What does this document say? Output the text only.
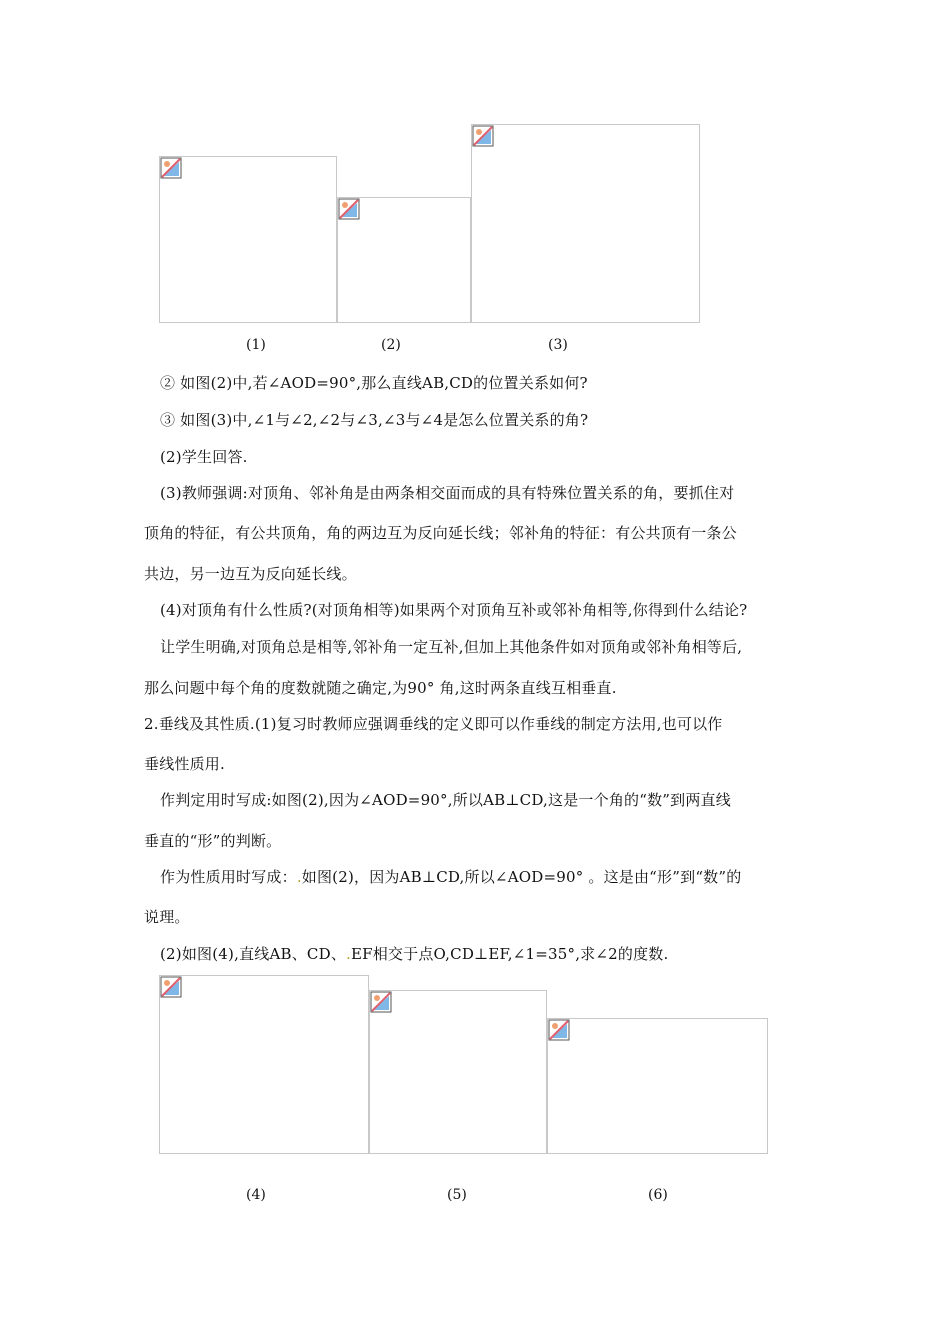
(1)	(2)	(3)
② 如图(2)中,若∠AOD=90°,那么直线AB,CD的位置关系如何?
③ 如图(3)中,∠1与∠2,∠2与∠3,∠3与∠4是怎么位置关系的角?
(2)学生回答.
(3)教师强调:对顶角、邻补角是由两条相交面而成的具有特殊位置关系的角，要抓住对
顶角的特征，有公共顶角，角的两边互为反向延长线；邻补角的特征：有公共顶有一条公
共边，另一边互为反向延长线。
(4)对顶角有什么性质?(对顶角相等)如果两个对顶角互补或邻补角相等,你得到什么结论?
让学生明确,对顶角总是相等,邻补角一定互补,但加上其他条件如对顶角或邻补角相等后,
那么问题中每个角的度数就随之确定,为90° 角,这时两条直线互相垂直.
2.垂线及其性质.(1)复习时教师应强调垂线的定义即可以作垂线的制定方法用,也可以作
垂线性质用.
作判定用时写成:如图(2),因为∠AOD=90°,所以AB⊥CD,这是一个角的“数”到两直线
垂直的“形”的判断。
作为性质用时写成：.如图(2)，因为AB⊥CD,所以∠AOD=90° 。这是由“形”到“数”的
说理。
(2)如图(4),直线AB、CD、.EF相交于点O,CD⊥EF,∠1=35°,求∠2的度数.
(4)	(5)	(6)
